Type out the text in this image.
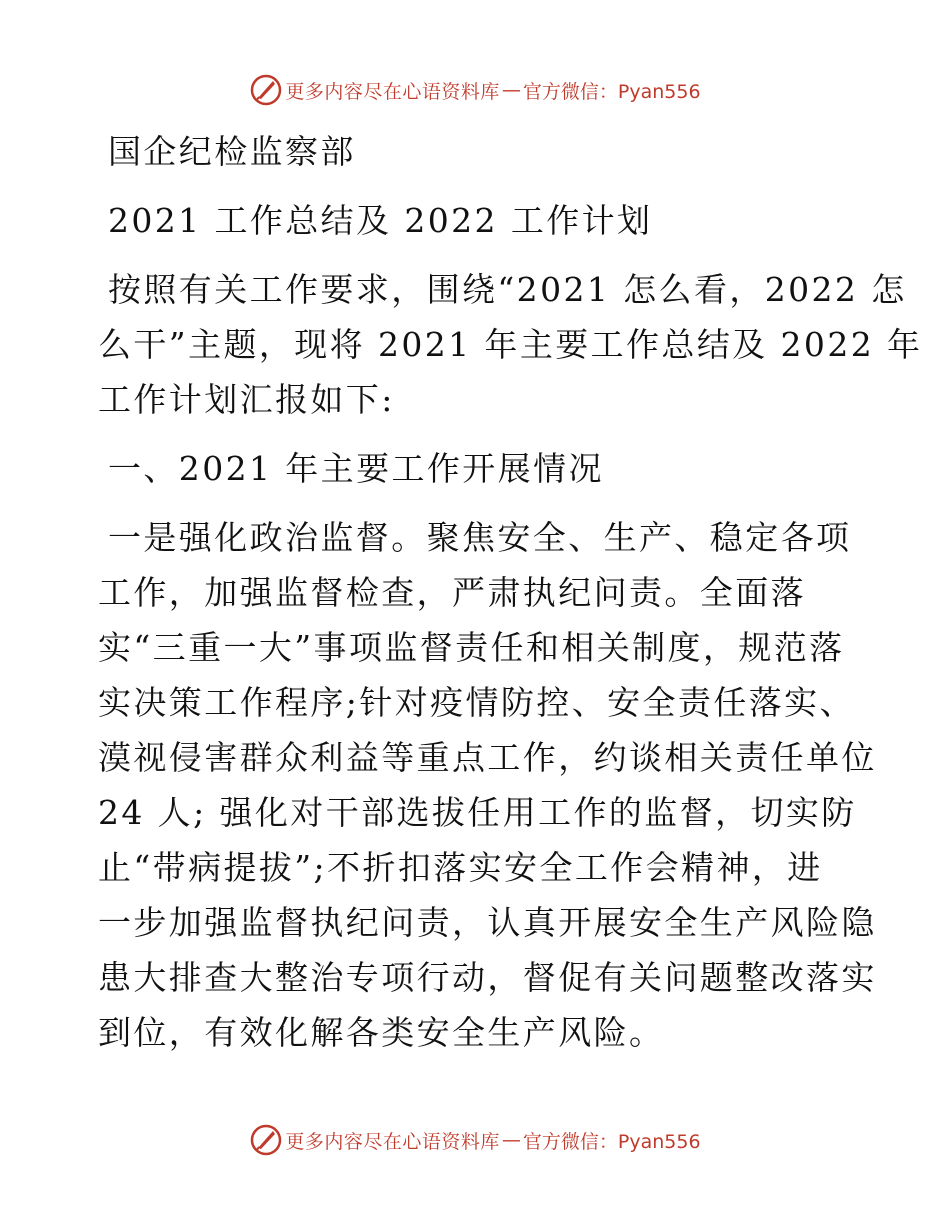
更多内容尽在心语资料库 — 官方微信：Pyan556
国企纪检监察部
2021 工作总结及 2022 工作计划
按照有关工作要求，围绕“2021 怎么看，2022 怎
么干”主题，现将 2021 年主要工作总结及 2022 年
工作计划汇报如下:
一、2021 年主要工作开展情况
一是强化政治监督。聚焦安全、生产、稳定各项
工作，加强监督检查，严肃执纪问责。全面落
实“三重一大”事项监督责任和相关制度，规范落
实决策工作程序;针对疫情防控、安全责任落实、
漠视侵害群众利益等重点工作，约谈相关责任单位
24 人; 强化对干部选拔任用工作的监督，切实防
止“带病提拔”;不折扣落实安全工作会精神，进
一步加强监督执纪问责，认真开展安全生产风险隐
患大排查大整治专项行动，督促有关问题整改落实
到位，有效化解各类安全生产风险。
更多内容尽在心语资料库 — 官方微信：Pyan556
